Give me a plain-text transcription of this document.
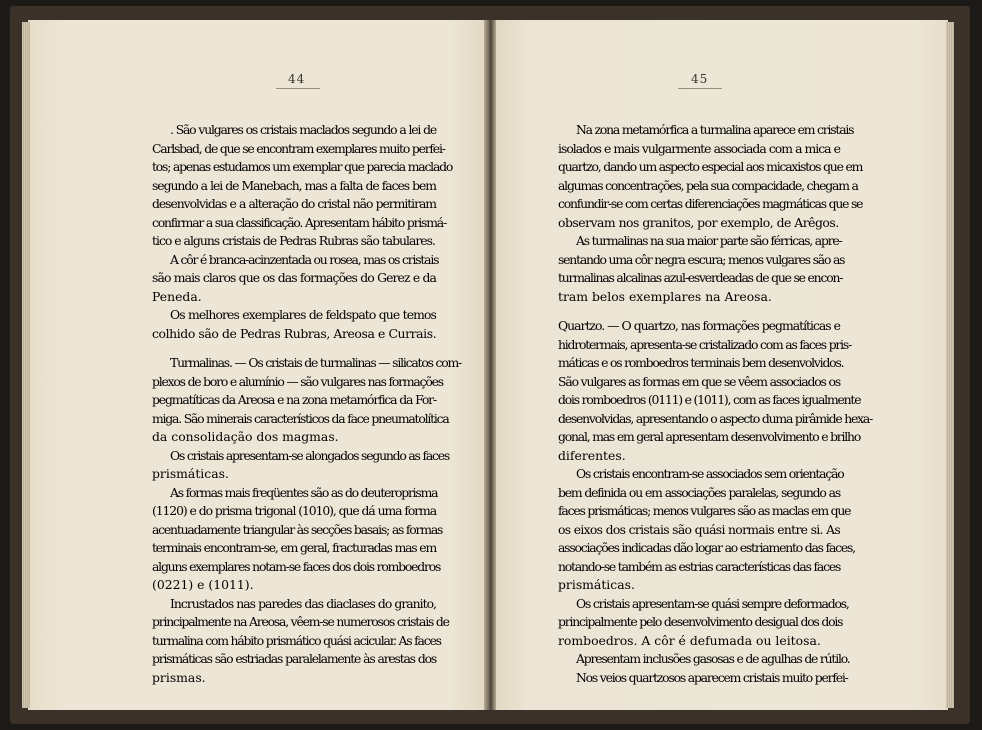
44
. São vulgares os cristais maclados segundo a lei de
Carlsbad, de que se encontram exemplares muito perfei-
tos; apenas estudamos um exemplar que parecia maclado
segundo a lei de Manebach, mas a falta de faces bem
desenvolvidas e a alteração do cristal não permitiram
confirmar a sua classificação. Apresentam hábito prismá-
tico e alguns cristais de Pedras Rubras são tabulares.
A côr é branca-acinzentada ou rosea, mas os cristais
são mais claros que os das formações do Gerez e da
Peneda.
Os melhores exemplares de feldspato que temos
colhido são de Pedras Rubras, Areosa e Currais.
Turmalinas. — Os cristais de turmalinas — silicatos com-
plexos de boro e alumínio — são vulgares nas formações
pegmatíticas da Areosa e na zona metamórfica da For-
miga. São minerais característicos da face pneumatolítica
da consolidação dos magmas.
Os cristais apresentam-se alongados segundo as faces
prismáticas.
As formas mais freqüentes são as do deuteroprisma
(1120) e do prisma trigonal (1010), que dá uma forma
acentuadamente triangular às secções basais; as formas
terminais encontram-se, em geral, fracturadas mas em
alguns exemplares notam-se faces dos dois romboedros
(0221) e (1011).
Incrustados nas paredes das diaclases do granito,
principalmente na Areosa, vêem-se numerosos cristais de
turmalina com hábito prismático quási acicular. As faces
prismáticas são estriadas paralelamente às arestas dos
prismas.
45
Na zona metamórfica a turmalina aparece em cristais
isolados e mais vulgarmente associada com a mica e
quartzo, dando um aspecto especial aos micaxistos que em
algumas concentrações, pela sua compacidade, chegam a
confundir-se com certas diferenciações magmáticas que se
observam nos granitos, por exemplo, de Arêgos.
As turmalinas na sua maior parte são férricas, apre-
sentando uma côr negra escura; menos vulgares são as
turmalinas alcalinas azul-esverdeadas de que se encon-
tram belos exemplares na Areosa.
Quartzo. — O quartzo, nas formações pegmatíticas e
hidrotermais, apresenta-se cristalizado com as faces pris-
máticas e os romboedros terminais bem desenvolvidos.
São vulgares as formas em que se vêem associados os
dois romboedros (0111) e (1011), com as faces igualmente
desenvolvidas, apresentando o aspecto duma pirâmide hexa-
gonal, mas em geral apresentam desenvolvimento e brilho
diferentes.
Os cristais encontram-se associados sem orientação
bem definida ou em associações paralelas, segundo as
faces prismáticas; menos vulgares são as maclas em que
os eixos dos cristais são quási normais entre si. As
associações indicadas dão logar ao estriamento das faces,
notando-se também as estrias características das faces
prismáticas.
Os cristais apresentam-se quási sempre deformados,
principalmente pelo desenvolvimento desigual dos dois
romboedros. A côr é defumada ou leitosa.
Apresentam inclusões gasosas e de agulhas de rútilo.
Nos veios quartzosos aparecem cristais muito perfei-
